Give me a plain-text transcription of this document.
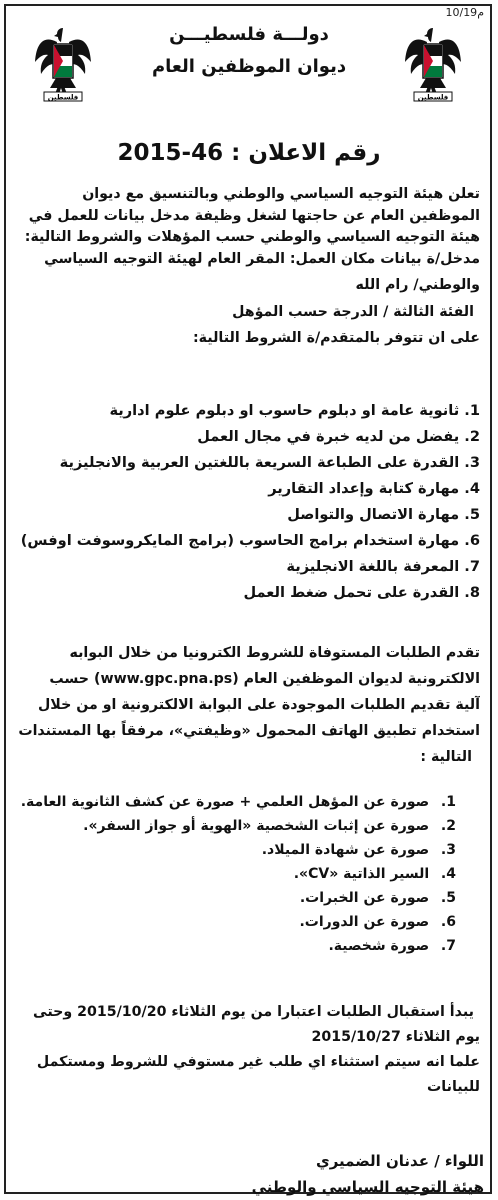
10/19م
فلسطين	فلسطين
دولـــة فلسطيـــن
ديوان الموظفين العام
رقم الاعلان : 2015-46
تعلن هيئة التوجيه السياسي والوطني وبالتنسيق مع ديوان
الموظفين العام عن حاجتها لشغل وظيفة مدخل بيانات للعمل في
هيئة التوجيه السياسي والوطني حسب المؤهلات والشروط التالية:
مدخل/ة بيانات مكان العمل: المقر العام لهيئة التوجيه السياسي
والوطني/ رام الله
الفئة الثالثة / الدرجة حسب المؤهل
على ان تتوفر بالمتقدم/ة الشروط التالية:
1. ثانوية عامة او دبلوم حاسوب او دبلوم علوم ادارية
2. يفضل من لديه خبرة في مجال العمل
3. القدرة على الطباعة السريعة باللغتين العربية والانجليزية
4. مهارة كتابة وإعداد التقارير
5. مهارة الاتصال والتواصل
6. مهارة استخدام برامج الحاسوب (برامج المايكروسوفت اوفس)
7. المعرفة باللغة الانجليزية
8. القدرة على تحمل ضغط العمل
تقدم الطلبات المستوفاة للشروط الكترونيا من خلال البوابه
الالكترونية لديوان الموظفين العام (www.gpc.pna.ps) حسب
آلية تقديم الطلبات الموجودة على البوابة الالكترونية او من خلال
استخدام تطبيق الهاتف المحمول «وظيفتي»، مرفقاً بها المستندات
التالية :
1. صورة عن المؤهل العلمي + صورة عن كشف الثانوية العامة.
2. صورة عن إثبات الشخصية «الهوية أو جواز السفر».
3. صورة عن شهادة الميلاد.
4. السير الذاتية «CV».
5. صورة عن الخبرات.
6. صورة عن الدورات.
7. صورة شخصية.
يبدأ استقبال الطلبات اعتبارا من يوم الثلاثاء 2015/10/20 وحتى
يوم الثلاثاء 2015/10/27
علما انه سيتم استثناء اي طلب غير مستوفي للشروط ومستكمل
للبيانات
اللواء / عدنان الضميري
هيئة التوجيه السياسي والوطني
